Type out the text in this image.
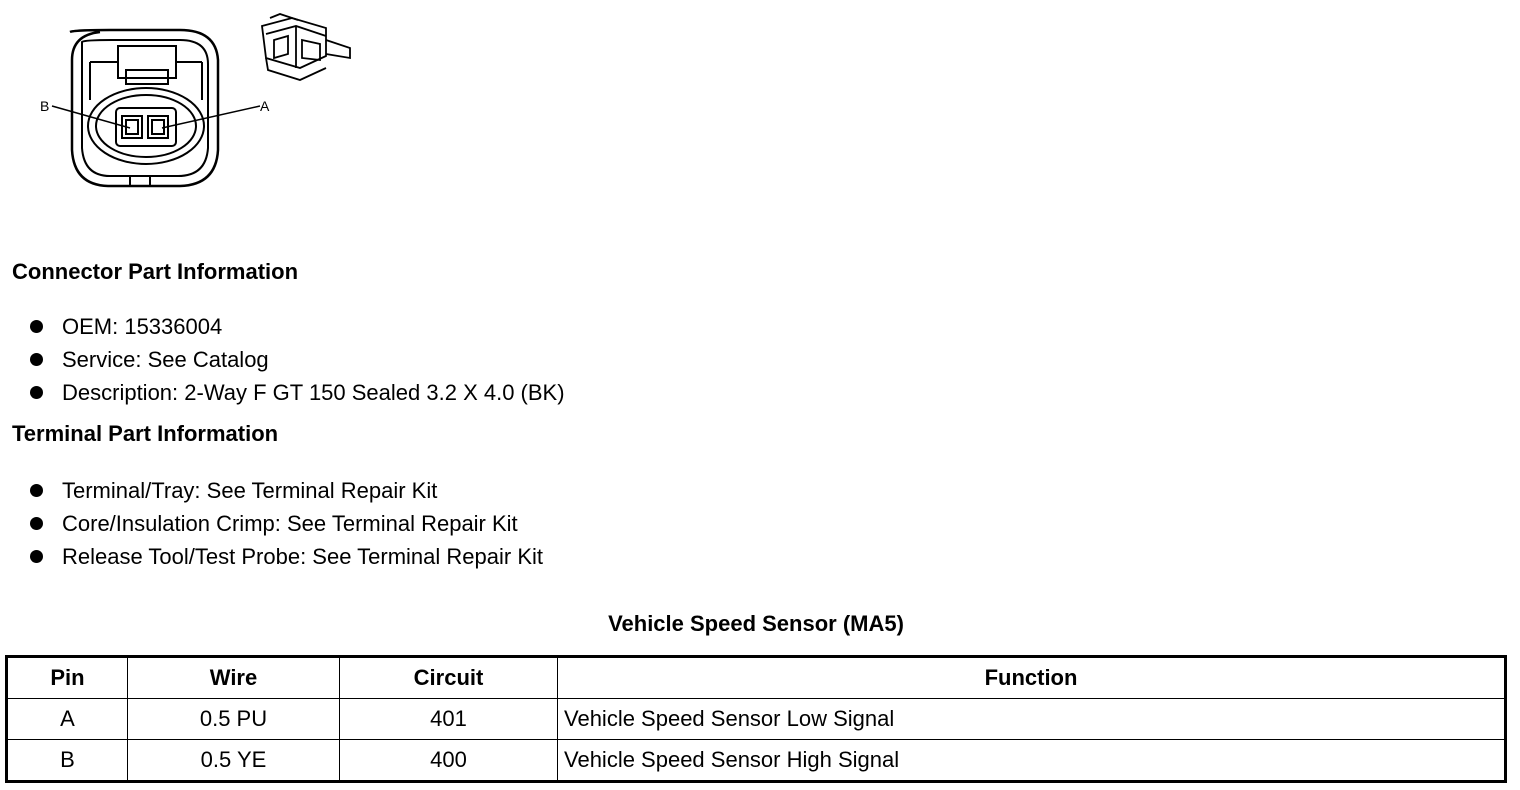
B	A
Connector Part Information
OEM: 15336004
Service: See Catalog
Description: 2-Way F GT 150 Sealed 3.2 X 4.0 (BK)
Terminal Part Information
Terminal/Tray: See Terminal Repair Kit
Core/Insulation Crimp: See Terminal Repair Kit
Release Tool/Test Probe: See Terminal Repair Kit
Vehicle Speed Sensor (MA5)
Pin	Wire	Circuit	Function
A	0.5 PU	401	Vehicle Speed Sensor Low Signal
B	0.5 YE	400	Vehicle Speed Sensor High Signal
